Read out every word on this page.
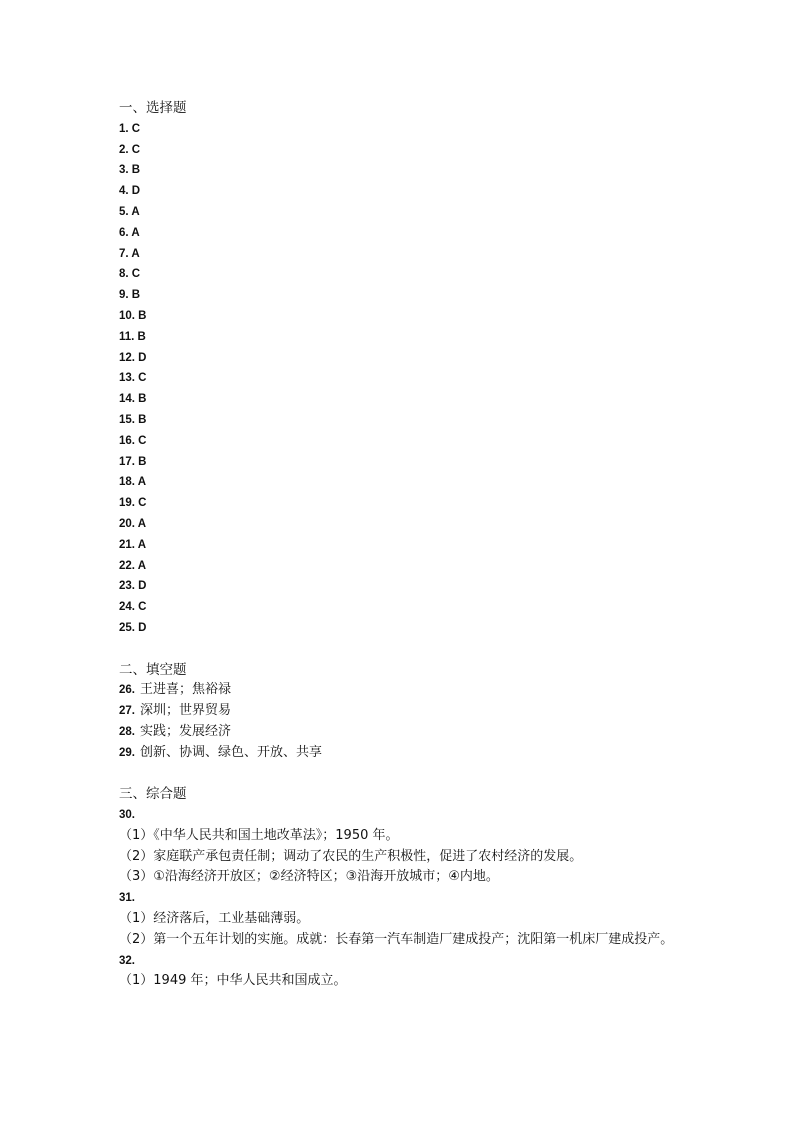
一、选择题
1. C
2. C
3. B
4. D
5. A
6. A
7. A
8. C
9. B
10. B
11. B
12. D
13. C
14. B
15. B
16. C
17. B
18. A
19. C
20. A
21. A
22. A
23. D
24. C
25. D
二、填空题
26. 王进喜；焦裕禄
27. 深圳；世界贸易
28. 实践；发展经济
29. 创新、协调、绿色、开放、共享
三、综合题
30.
（1）《中华人民共和国土地改革法》；1950 年。
（2）家庭联产承包责任制；调动了农民的生产积极性，促进了农村经济的发展。
（3）①沿海经济开放区；②经济特区；③沿海开放城市；④内地。
31.
（1）经济落后，工业基础薄弱。
（2）第一个五年计划的实施。成就：长春第一汽车制造厂建成投产；沈阳第一机床厂建成投产。
32.
（1）1949 年；中华人民共和国成立。
